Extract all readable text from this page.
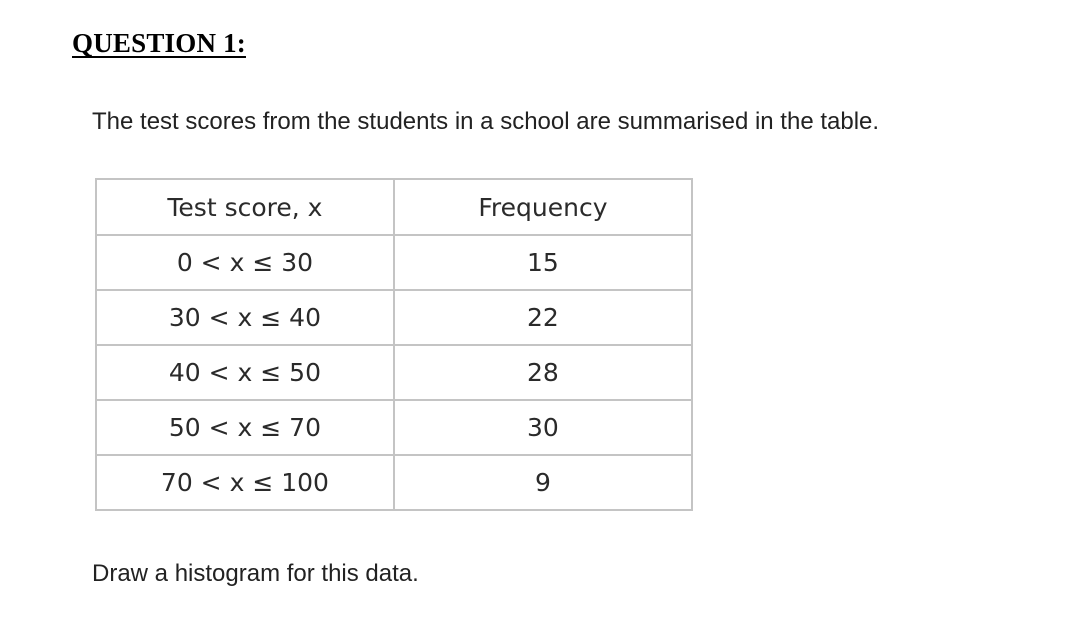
QUESTION 1:
The test scores from the students in a school are summarised in the table.
Test score, x	Frequency
0 < x ≤ 30	15
30 < x ≤ 40	22
40 < x ≤ 50	28
50 < x ≤ 70	30
70 < x ≤ 100	9
Draw a histogram for this data.
